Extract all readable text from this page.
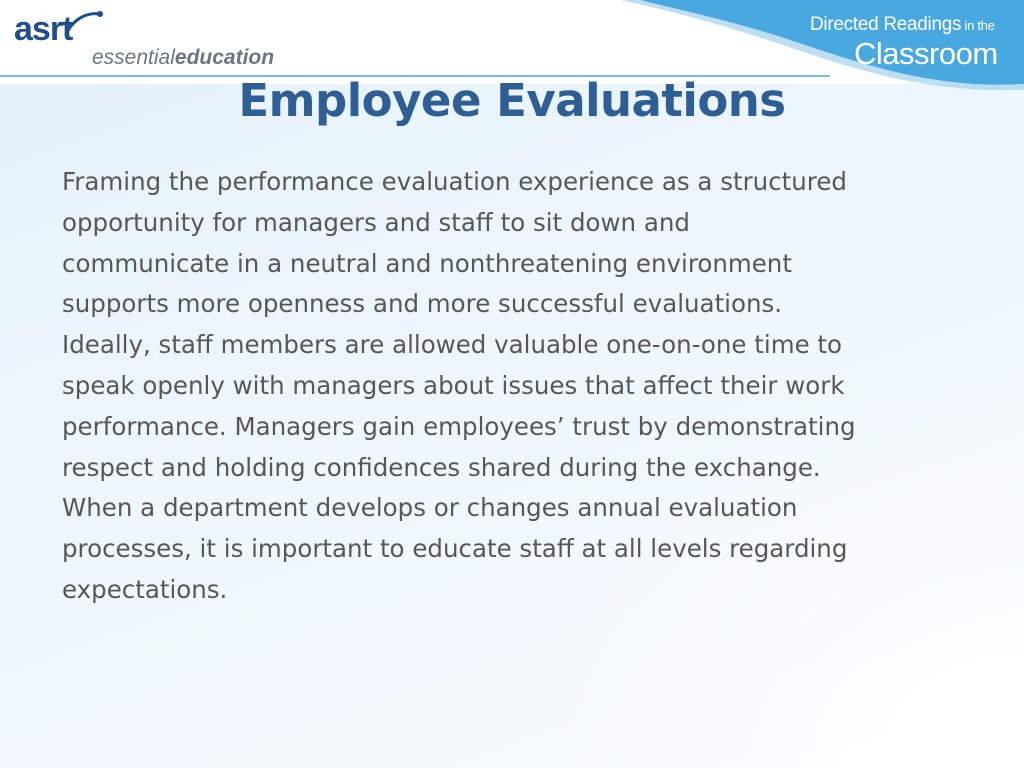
asrt
essentialeducation
Directed Readings in the
Classroom
Employee Evaluations
Framing the performance evaluation experience as a structured
opportunity for managers and staff to sit down and
communicate in a neutral and nonthreatening environment
supports more openness and more successful evaluations.
Ideally, staff members are allowed valuable one-on-one time to
speak openly with managers about issues that affect their work
performance. Managers gain employees’ trust by demonstrating
respect and holding confidences shared during the exchange.
When a department develops or changes annual evaluation
processes, it is important to educate staff at all levels regarding
expectations.
